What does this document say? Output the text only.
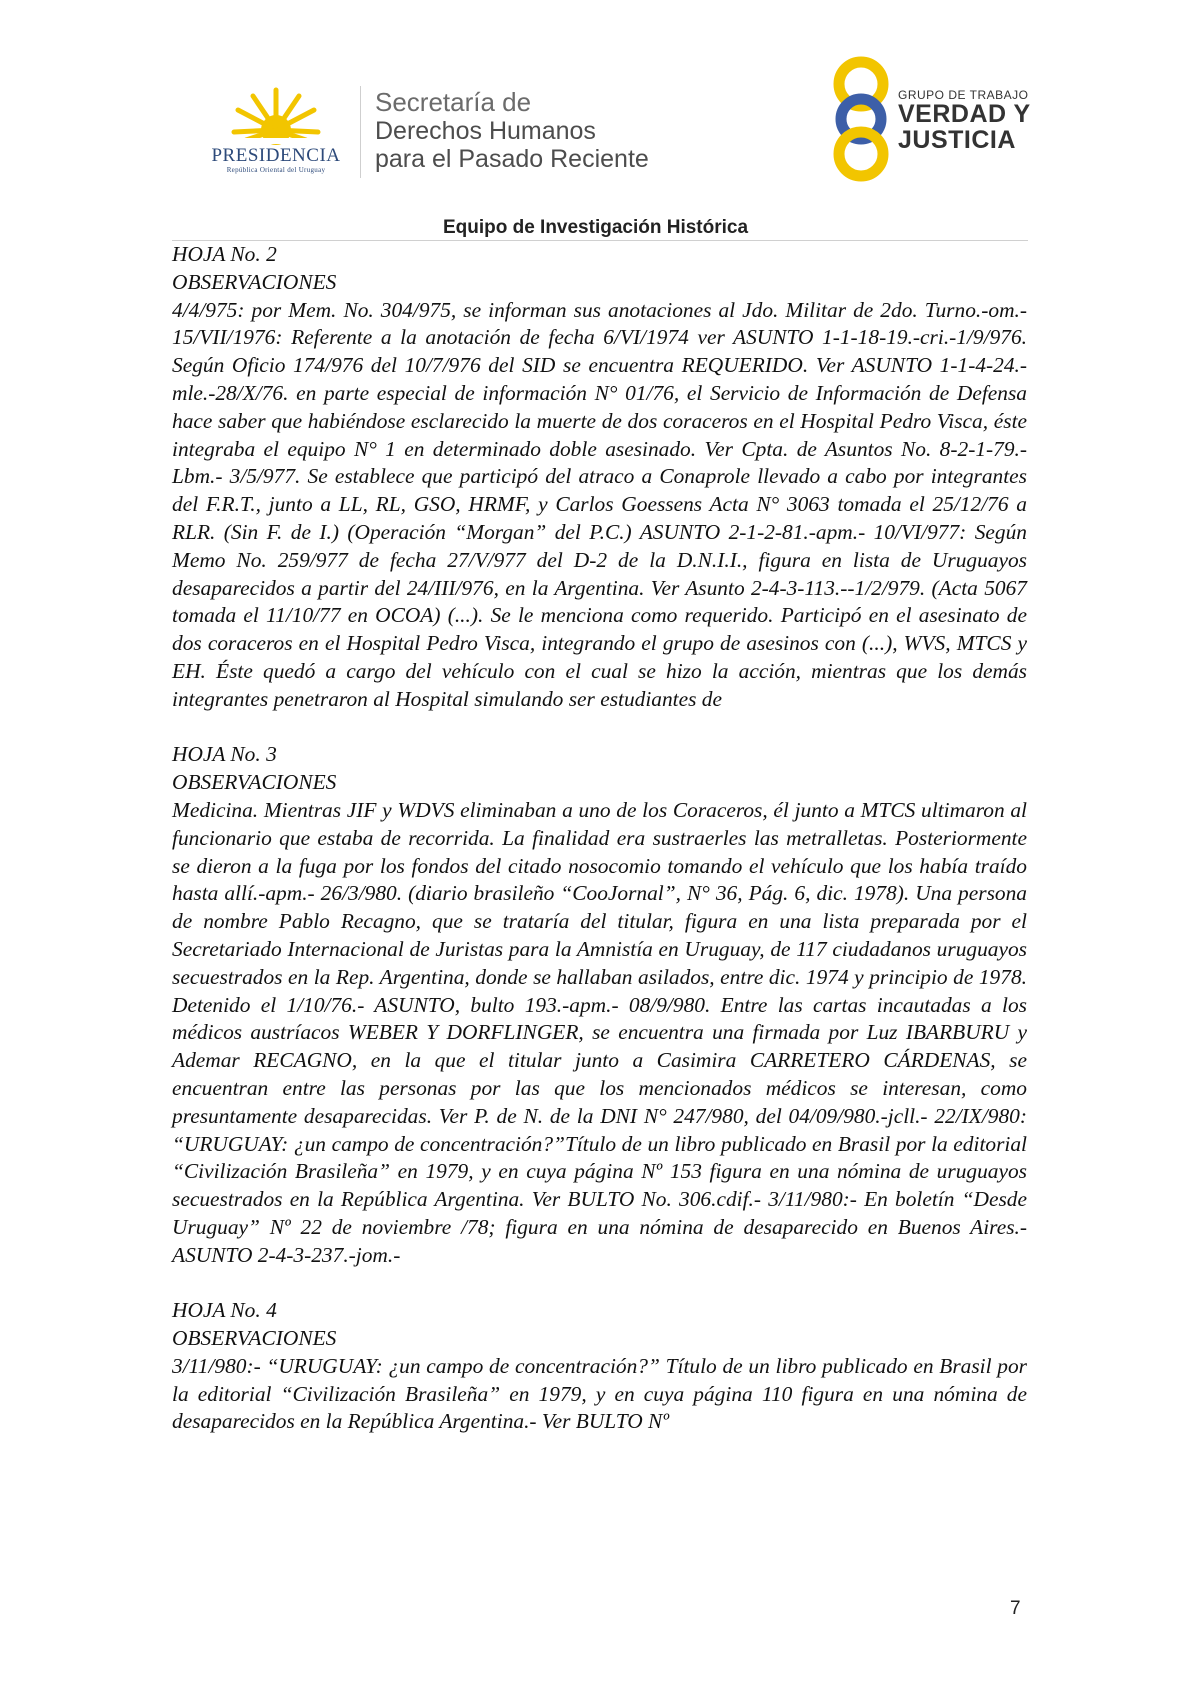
PRESIDENCIA
República Oriental del Uruguay
Secretaría de
Derechos Humanos
para el Pasado Reciente
GRUPO DE TRABAJO
VERDAD Y
JUSTICIA
Equipo de Investigación Histórica

HOJA No. 2

OBSERVACIONES

4/4/975: por Mem. No. 304/975, se informan sus anotaciones al Jdo. Militar de 2do. Turno.-om.- 15/VII/1976: Referente a la anotación de fecha 6/VI/1974 ver ASUNTO 1-1-18-19.-cri.-1/9/976. Según Oficio 174/976 del 10/7/976 del SID se encuentra REQUERIDO. Ver ASUNTO 1-1-4-24.-mle.-28/X/76. en parte especial de información N° 01/76, el Servicio de Información de Defensa hace saber que habiéndose esclarecido la muerte de dos coraceros en el Hospital Pedro Visca, éste integraba el equipo N° 1 en determinado doble asesinado. Ver Cpta. de Asuntos No. 8-2-1-79.-Lbm.- 3/5/977. Se establece que participó del atraco a Conaprole llevado a cabo por integrantes del F.R.T., junto a LL, RL, GSO, HRMF, y Carlos Goessens Acta N° 3063 tomada el 25/12/76 a RLR. (Sin F. de I.) (Operación “Morgan” del P.C.) ASUNTO 2-1-2-81.-apm.- 10/VI/977: Según Memo No. 259/977 de fecha 27/V/977 del D-2 de la D.N.I.I., figura en lista de Uruguayos desaparecidos a partir del 24/III/976, en la Argentina. Ver Asunto 2-4-3-113.--1/2/979. (Acta 5067 tomada el 11/10/77 en OCOA) (...). Se le menciona como requerido. Participó en el asesinato de dos coraceros en el Hospital Pedro Visca, integrando el grupo de asesinos con (...), WVS, MTCS y EH. Éste quedó a cargo del vehículo con el cual se hizo la acción, mientras que los demás integrantes penetraron al Hospital simulando ser estudiantes de

HOJA No. 3

OBSERVACIONES

Medicina. Mientras JIF y WDVS eliminaban a uno de los Coraceros, él junto a MTCS ultimaron al funcionario que estaba de recorrida. La finalidad era sustraerles las metralletas. Posteriormente se dieron a la fuga por los fondos del citado nosocomio tomando el vehículo que los había traído hasta allí.-apm.- 26/3/980. (diario brasileño “CooJornal”, N° 36, Pág. 6, dic. 1978). Una persona de nombre Pablo Recagno, que se trataría del titular, figura en una lista preparada por el Secretariado Internacional de Juristas para la Amnistía en Uruguay, de 117 ciudadanos uruguayos secuestrados en la Rep. Argentina, donde se hallaban asilados, entre dic. 1974 y principio de 1978. Detenido el 1/10/76.- ASUNTO, bulto 193.-apm.- 08/9/980. Entre las cartas incautadas a los médicos austríacos WEBER Y DORFLINGER, se encuentra una firmada por Luz IBARBURU y Ademar RECAGNO, en la que el titular junto a Casimira CARRETERO CÁRDENAS, se encuentran entre las personas por las que los mencionados médicos se interesan, como presuntamente desaparecidas. Ver P. de N. de la DNI N° 247/980, del 04/09/980.-jcll.- 22/IX/980: “URUGUAY: ¿un campo de concentración?”Título de un libro publicado en Brasil por la editorial “Civilización Brasileña” en 1979, y en cuya página Nº 153 figura en una nómina de uruguayos secuestrados en la República Argentina. Ver BULTO No. 306.cdif.- 3/11/980:- En boletín “Desde Uruguay” Nº 22 de noviembre /78; figura en una nómina de desaparecido en Buenos Aires.- ASUNTO 2-4-3-237.-jom.-

HOJA No. 4

OBSERVACIONES

3/11/980:- “URUGUAY: ¿un campo de concentración?” Título de un libro publicado en Brasil por la editorial “Civilización Brasileña” en 1979, y en cuya página 110 figura en una nómina de desaparecidos en la República Argentina.- Ver BULTO Nº

7
